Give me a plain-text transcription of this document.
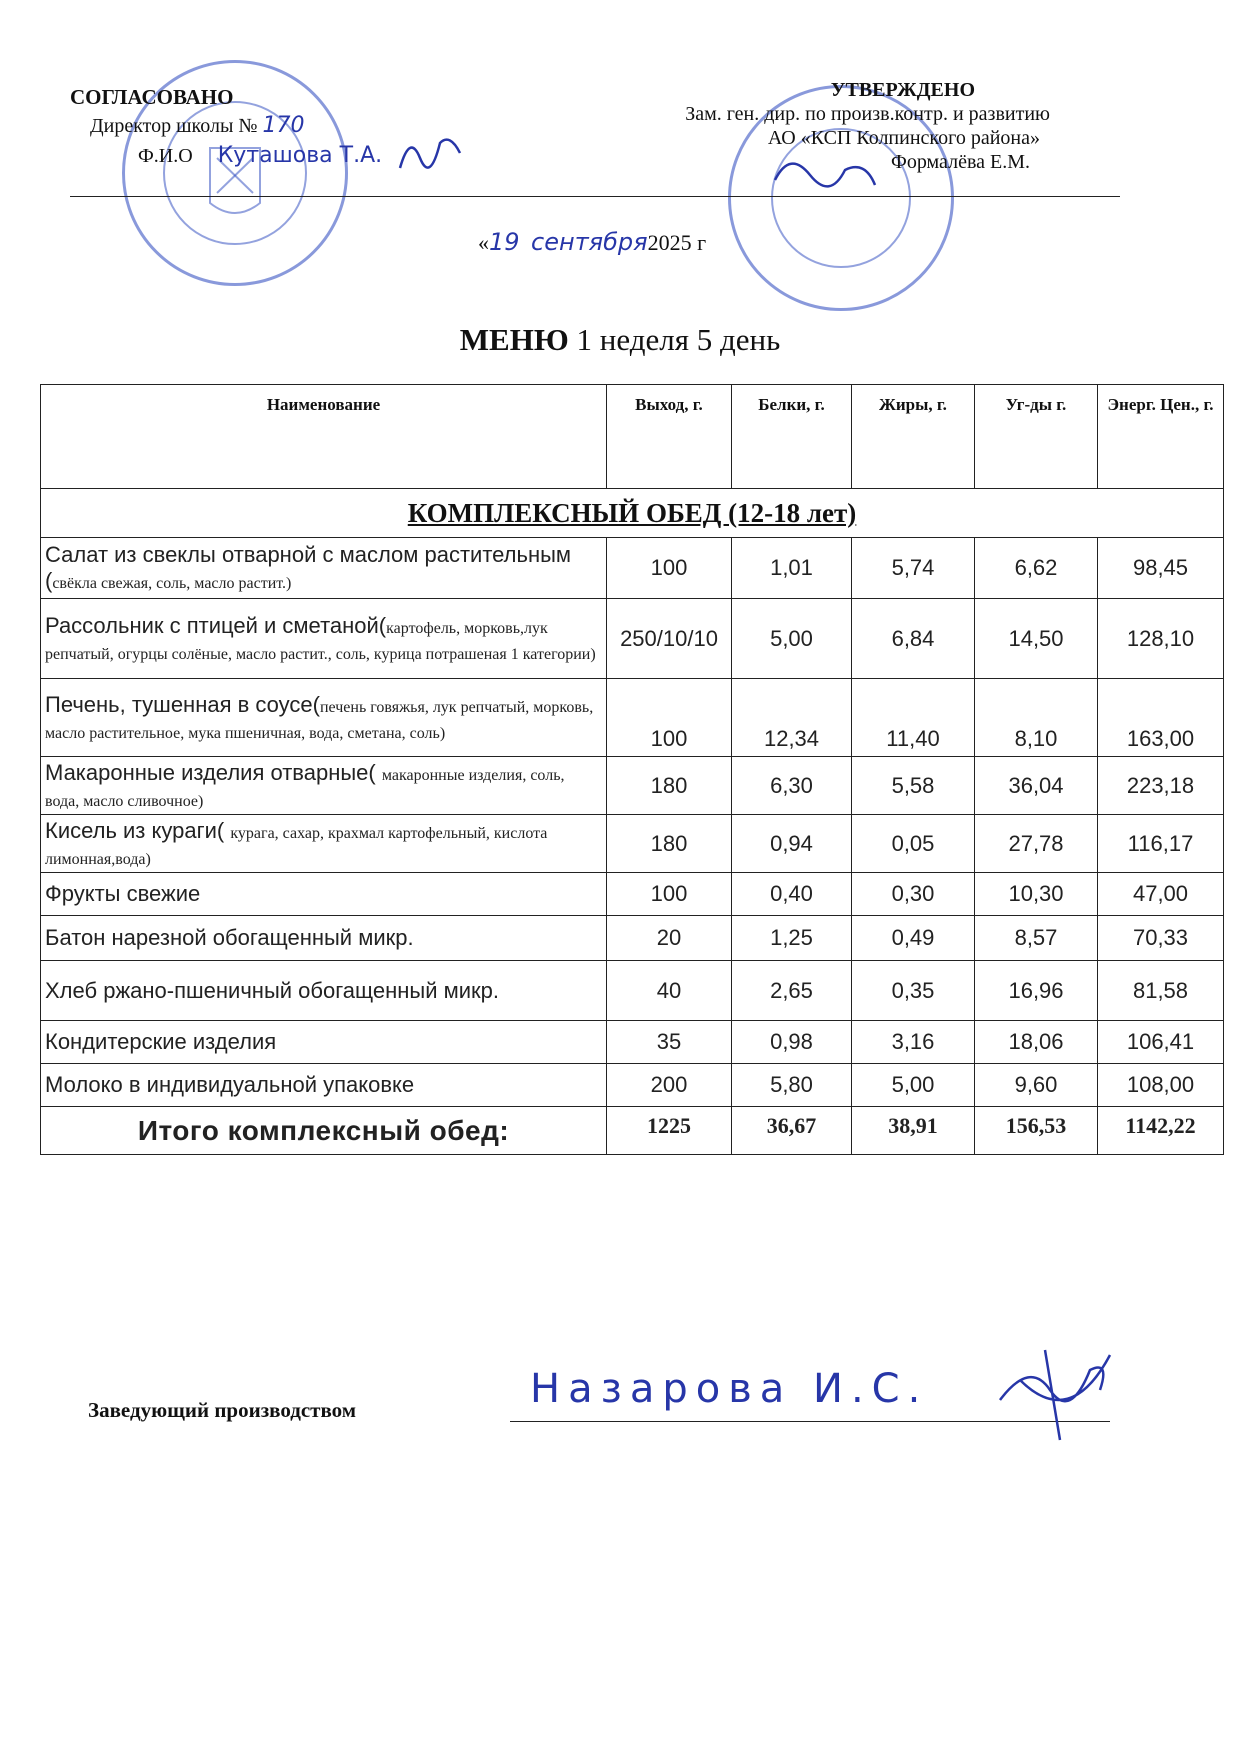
СОГЛАСОВАНО
Директор школы № 170
Ф.И.О Куташова Т.А.
УТВЕРЖДЕНО
Зам. ген. дир. по произв.контр. и развитию
АО «КСП Колпинского района»
Формалёва Е.М.
«19 сентября2025 г
МЕНЮ 1 неделя 5 день
Наименование	Выход, г.	Белки, г.	Жиры, г.	Уг-ды г.	Энерг. Цен., г.
КОМПЛЕКСНЫЙ ОБЕД (12-18 лет)					
Салат из свеклы отварной с маслом растительным (свёкла свежая, соль, масло растит.)	100	1,01	5,74	6,62	98,45
Рассольник с птицей и сметаной(картофель, морковь,лук репчатый, огурцы солёные, масло растит., соль, курица потрашеная 1 категории)	250/10/10	5,00	6,84	14,50	128,10
Печень, тушенная в соусе(печень говяжья, лук репчатый, морковь, масло растительное, мука пшеничная, вода, сметана, соль)	100	12,34	11,40	8,10	163,00
Макаронные изделия отварные( макаронные изделия, соль, вода, масло сливочное)	180	6,30	5,58	36,04	223,18
Кисель из кураги( курага, сахар, крахмал картофельный, кислота лимонная,вода)	180	0,94	0,05	27,78	116,17
Фрукты свежие	100	0,40	0,30	10,30	47,00
Батон нарезной обогащенный микр.	20	1,25	0,49	8,57	70,33
Хлеб ржано-пшеничный обогащенный микр.	40	2,65	0,35	16,96	81,58
Кондитерские изделия	35	0,98	3,16	18,06	106,41
Молоко в индивидуальной упаковке	200	5,80	5,00	9,60	108,00
Итого комплексный обед:	1225	36,67	38,91	156,53	1142,22
Заведующий производством	Назарова И.С.
